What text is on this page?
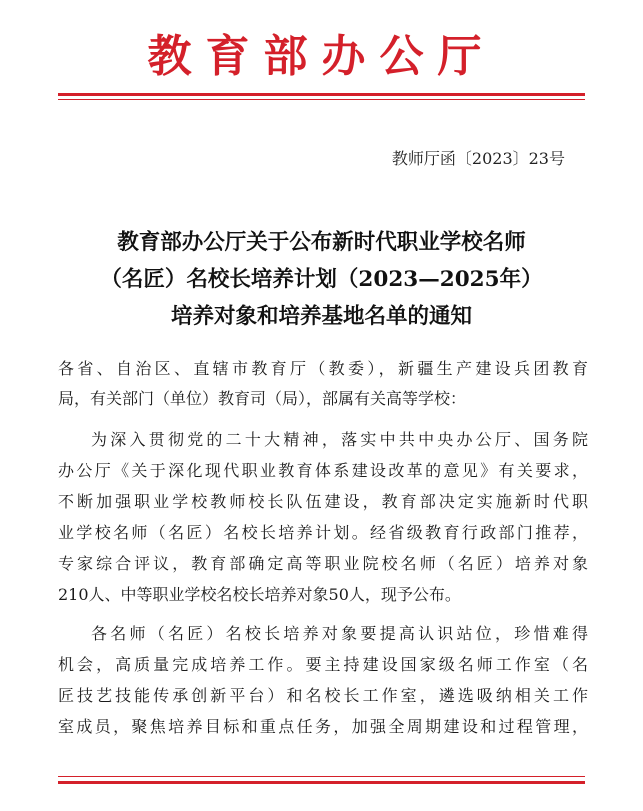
教育部办公厅
教师厅函〔2023〕23号
教育部办公厅关于公布新时代职业学校名师
（名匠）名校长培养计划（2023—2025年）
培养对象和培养基地名单的通知
各省、自治区、直辖市教育厅（教委），新疆生产建设兵团教育
局，有关部门（单位）教育司（局），部属有关高等学校：
为深入贯彻党的二十大精神，落实中共中央办公厅、国务院
办公厅《关于深化现代职业教育体系建设改革的意见》有关要求，
不断加强职业学校教师校长队伍建设，教育部决定实施新时代职
业学校名师（名匠）名校长培养计划。经省级教育行政部门推荐，
专家综合评议，教育部确定高等职业院校名师（名匠）培养对象
210人、中等职业学校名校长培养对象50人，现予公布。
各名师（名匠）名校长培养对象要提高认识站位，珍惜难得
机会，高质量完成培养工作。要主持建设国家级名师工作室（名
匠技艺技能传承创新平台）和名校长工作室，遴选吸纳相关工作
室成员，聚焦培养目标和重点任务，加强全周期建设和过程管理，
